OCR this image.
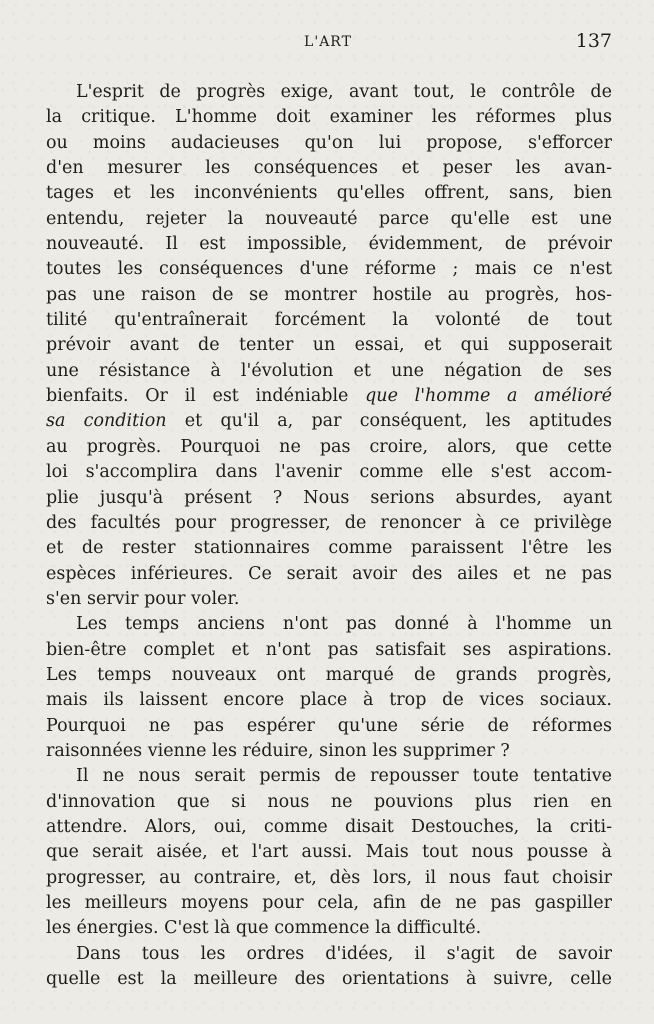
L'ART	137
L'esprit de progrès exige, avant tout, le contrôle de
la critique. L'homme doit examiner les réformes plus
ou moins audacieuses qu'on lui propose, s'efforcer
d'en mesurer les conséquences et peser les avan-
tages et les inconvénients qu'elles offrent, sans, bien
entendu, rejeter la nouveauté parce qu'elle est une
nouveauté. Il est impossible, évidemment, de prévoir
toutes les conséquences d'une réforme ; mais ce n'est
pas une raison de se montrer hostile au progrès, hos-
tilité qu'entraînerait forcément la volonté de tout
prévoir avant de tenter un essai, et qui supposerait
une résistance à l'évolution et une négation de ses
bienfaits. Or il est indéniable que l'homme a amélioré
sa condition et qu'il a, par conséquent, les aptitudes
au progrès. Pourquoi ne pas croire, alors, que cette
loi s'accomplira dans l'avenir comme elle s'est accom-
plie jusqu'à présent ? Nous serions absurdes, ayant
des facultés pour progresser, de renoncer à ce privilège
et de rester stationnaires comme paraissent l'être les
espèces inférieures. Ce serait avoir des ailes et ne pas
s'en servir pour voler.
Les temps anciens n'ont pas donné à l'homme un
bien-être complet et n'ont pas satisfait ses aspirations.
Les temps nouveaux ont marqué de grands progrès,
mais ils laissent encore place à trop de vices sociaux.
Pourquoi ne pas espérer qu'une série de réformes
raisonnées vienne les réduire, sinon les supprimer ?
Il ne nous serait permis de repousser toute tentative
d'innovation que si nous ne pouvions plus rien en
attendre. Alors, oui, comme disait Destouches, la criti-
que serait aisée, et l'art aussi. Mais tout nous pousse à
progresser, au contraire, et, dès lors, il nous faut choisir
les meilleurs moyens pour cela, afin de ne pas gaspiller
les énergies. C'est là que commence la difficulté.
Dans tous les ordres d'idées, il s'agit de savoir
quelle est la meilleure des orientations à suivre, celle
